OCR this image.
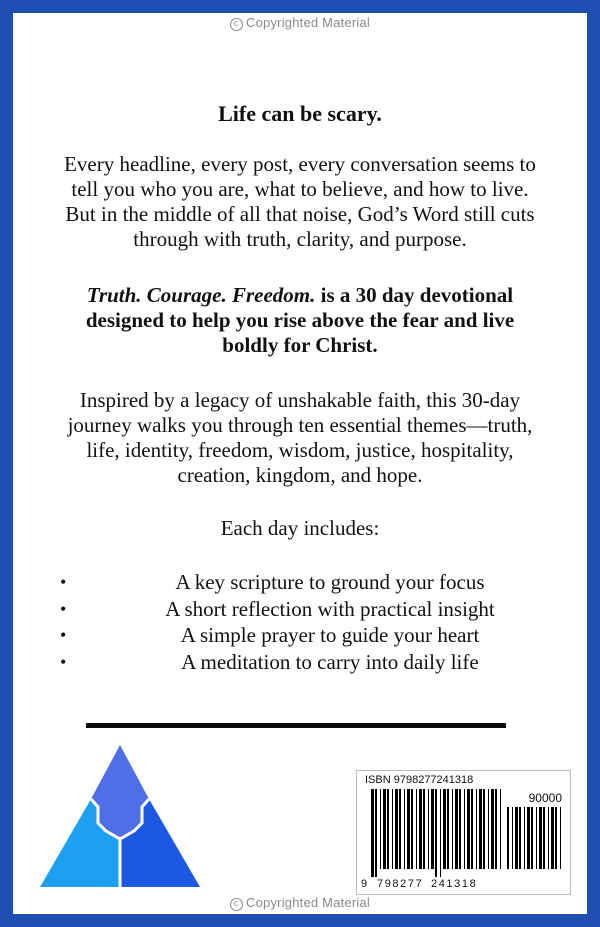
C Copyrighted Material
Life can be scary.
Every headline, every post, every conversation seems to
tell you who you are, what to believe, and how to live.
But in the middle of all that noise, God’s Word still cuts
through with truth, clarity, and purpose.
Truth. Courage. Freedom. is a 30 day devotional
designed to help you rise above the fear and live
boldly for Christ.
Inspired by a legacy of unshakable faith, this 30-day
journey walks you through ten essential themes—truth,
life, identity, freedom, wisdom, justice, hospitality,
creation, kingdom, and hope.
Each day includes:
•	A key scripture to ground your focus
•	A short reflection with practical insight
•	A simple prayer to guide your heart
•	A meditation to carry into daily life
ISBN 9798277241318
90000
9 798277 241318
C Copyrighted Material
